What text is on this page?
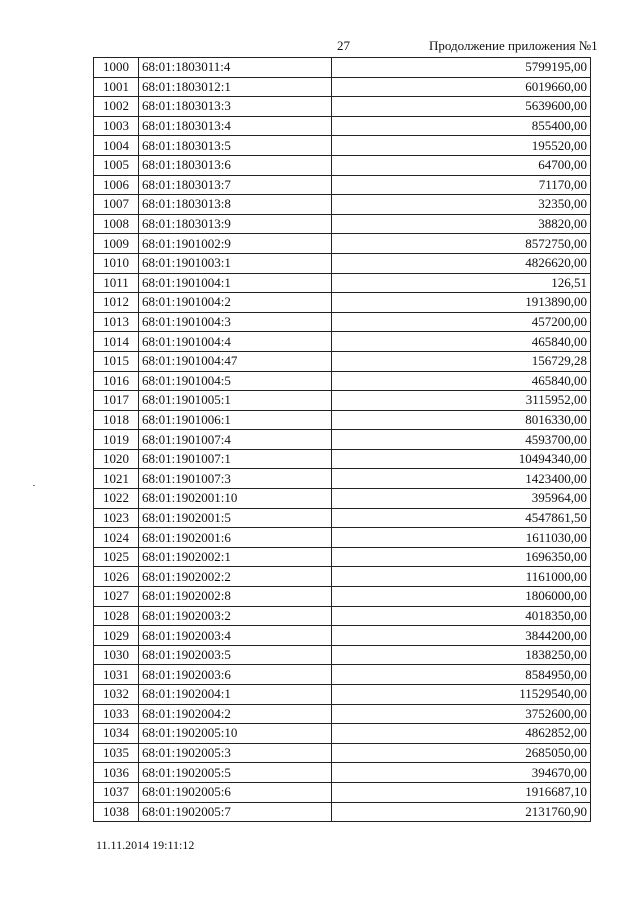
27	Продолжение приложения №1
1000	68:01:1803011:4	5799195,00
1001	68:01:1803012:1	6019660,00
1002	68:01:1803013:3	5639600,00
1003	68:01:1803013:4	855400,00
1004	68:01:1803013:5	195520,00
1005	68:01:1803013:6	64700,00
1006	68:01:1803013:7	71170,00
1007	68:01:1803013:8	32350,00
1008	68:01:1803013:9	38820,00
1009	68:01:1901002:9	8572750,00
1010	68:01:1901003:1	4826620,00
1011	68:01:1901004:1	126,51
1012	68:01:1901004:2	1913890,00
1013	68:01:1901004:3	457200,00
1014	68:01:1901004:4	465840,00
1015	68:01:1901004:47	156729,28
1016	68:01:1901004:5	465840,00
1017	68:01:1901005:1	3115952,00
1018	68:01:1901006:1	8016330,00
1019	68:01:1901007:4	4593700,00
1020	68:01:1901007:1	10494340,00
1021	68:01:1901007:3	1423400,00
1022	68:01:1902001:10	395964,00
1023	68:01:1902001:5	4547861,50
1024	68:01:1902001:6	1611030,00
1025	68:01:1902002:1	1696350,00
1026	68:01:1902002:2	1161000,00
1027	68:01:1902002:8	1806000,00
1028	68:01:1902003:2	4018350,00
1029	68:01:1902003:4	3844200,00
1030	68:01:1902003:5	1838250,00
1031	68:01:1902003:6	8584950,00
1032	68:01:1902004:1	11529540,00
1033	68:01:1902004:2	3752600,00
1034	68:01:1902005:10	4862852,00
1035	68:01:1902005:3	2685050,00
1036	68:01:1902005:5	394670,00
1037	68:01:1902005:6	1916687,10
1038	68:01:1902005:7	2131760,90
11.11.2014 19:11:12
